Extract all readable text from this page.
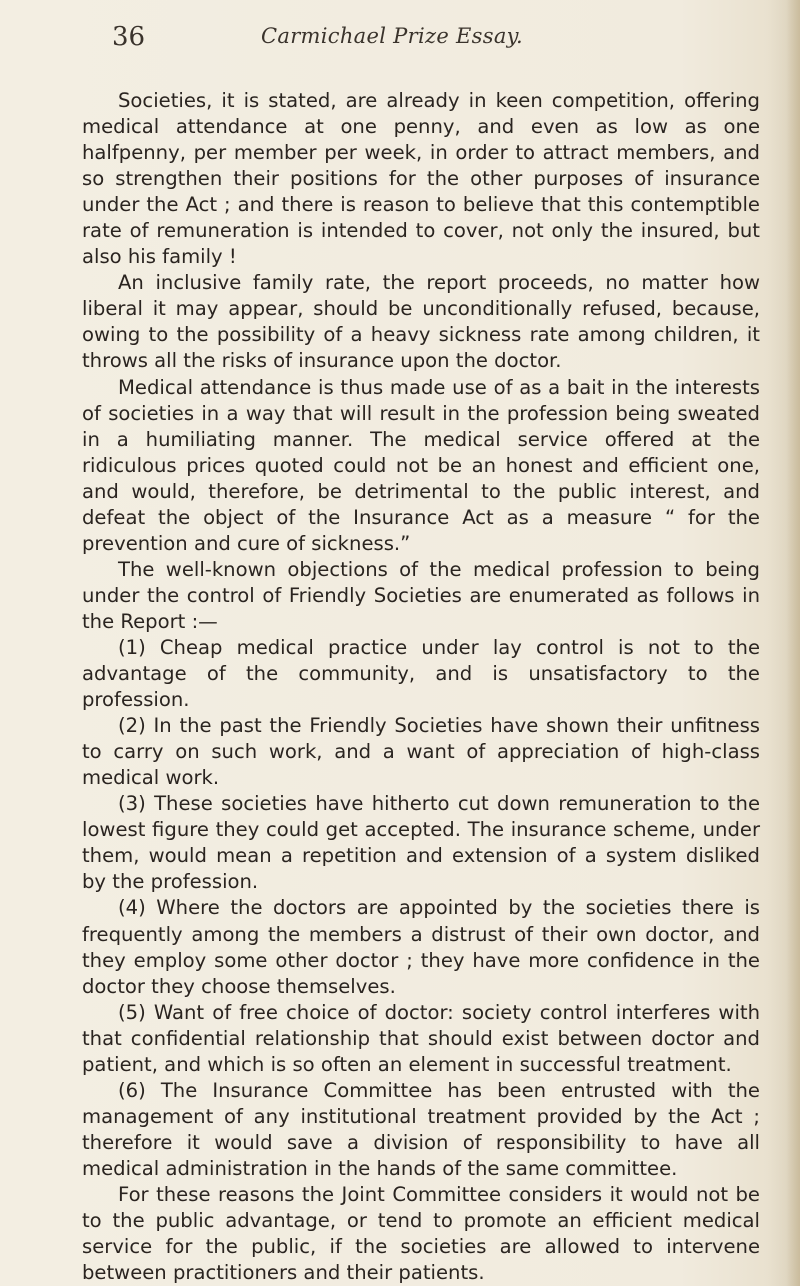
36	Carmichael Prize Essay.

Societies, it is stated, are already in keen competition, offering medical attendance at one penny, and even as low as one halfpenny, per member per week, in order to attract members, and so strengthen their positions for the other purposes of insurance under the Act ; and there is reason to believe that this contemptible rate of remuneration is intended to cover, not only the insured, but also his family !

An inclusive family rate, the report proceeds, no matter how liberal it may appear, should be unconditionally refused, because, owing to the possibility of a heavy sickness rate among children, it throws all the risks of insurance upon the doctor.

Medical attendance is thus made use of as a bait in the interests of societies in a way that will result in the profession being sweated in a humiliating manner. The medical service offered at the ridiculous prices quoted could not be an honest and efficient one, and would, therefore, be detrimental to the public interest, and defeat the object of the Insurance Act as a measure “ for the prevention and cure of sickness.”

The well-known objections of the medical profession to being under the control of Friendly Societies are enumerated as follows in the Report :—

(1) Cheap medical practice under lay control is not to the advantage of the community, and is unsatisfactory to the profession.

(2) In the past the Friendly Societies have shown their unfitness to carry on such work, and a want of appreciation of high-class medical work.

(3) These societies have hitherto cut down remuneration to the lowest figure they could get accepted. The insurance scheme, under them, would mean a repetition and extension of a system disliked by the profession.

(4) Where the doctors are appointed by the societies there is frequently among the members a distrust of their own doctor, and they employ some other doctor ; they have more confidence in the doctor they choose themselves.

(5) Want of free choice of doctor: society control interferes with that confidential relationship that should exist between doctor and patient, and which is so often an element in successful treatment.

(6) The Insurance Committee has been entrusted with the management of any institutional treatment provided by the Act ; therefore it would save a division of responsibility to have all medical administration in the hands of the same committee.

For these reasons the Joint Committee considers it would not be to the public advantage, or tend to promote an efficient medical service for the public, if the societies are allowed to intervene between practitioners and their patients.
